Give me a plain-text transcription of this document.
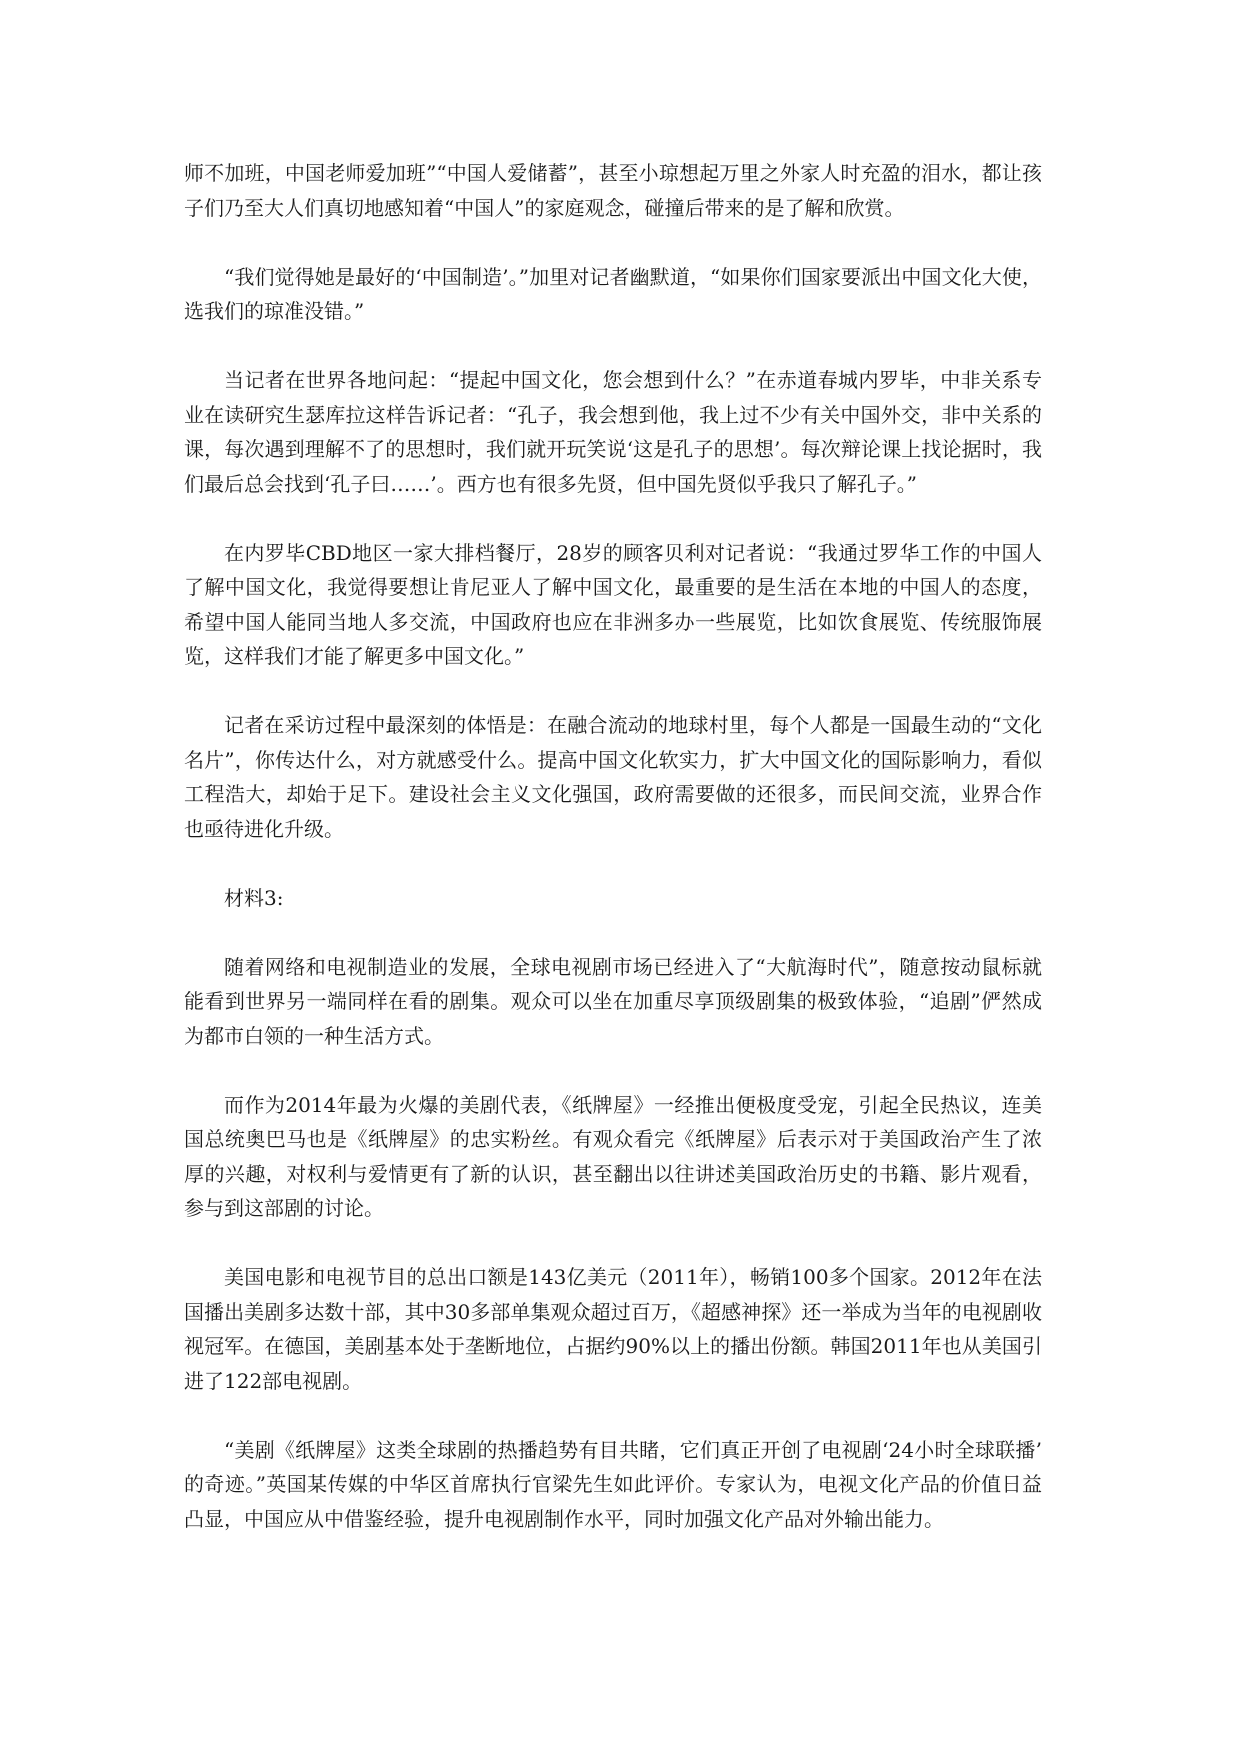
师不加班，中国老师爱加班”“中国人爱储蓄”，甚至小琼想起万里之外家人时充盈的泪水，都让孩子们乃至大人们真切地感知着“中国人”的家庭观念，碰撞后带来的是了解和欣赏。

“我们觉得她是最好的‘中国制造’。”加里对记者幽默道，“如果你们国家要派出中国文化大使，选我们的琼准没错。”

当记者在世界各地问起：“提起中国文化，您会想到什么？”在赤道春城内罗毕，中非关系专业在读研究生瑟库拉这样告诉记者：“孔子，我会想到他，我上过不少有关中国外交，非中关系的课，每次遇到理解不了的思想时，我们就开玩笑说‘这是孔子的思想’。每次辩论课上找论据时，我们最后总会找到‘孔子曰……’。西方也有很多先贤，但中国先贤似乎我只了解孔子。”

在内罗毕CBD地区一家大排档餐厅，28岁的顾客贝利对记者说：“我通过罗华工作的中国人了解中国文化，我觉得要想让肯尼亚人了解中国文化，最重要的是生活在本地的中国人的态度，希望中国人能同当地人多交流，中国政府也应在非洲多办一些展览，比如饮食展览、传统服饰展览，这样我们才能了解更多中国文化。”

记者在采访过程中最深刻的体悟是：在融合流动的地球村里，每个人都是一国最生动的“文化名片”，你传达什么，对方就感受什么。提高中国文化软实力，扩大中国文化的国际影响力，看似工程浩大，却始于足下。建设社会主义文化强国，政府需要做的还很多，而民间交流，业界合作也亟待进化升级。

材料3:

随着网络和电视制造业的发展，全球电视剧市场已经进入了“大航海时代”，随意按动鼠标就能看到世界另一端同样在看的剧集。观众可以坐在加重尽享顶级剧集的极致体验，“追剧”俨然成为都市白领的一种生活方式。

而作为2014年最为火爆的美剧代表，《纸牌屋》一经推出便极度受宠，引起全民热议，连美国总统奥巴马也是《纸牌屋》的忠实粉丝。有观众看完《纸牌屋》后表示对于美国政治产生了浓厚的兴趣，对权利与爱情更有了新的认识，甚至翻出以往讲述美国政治历史的书籍、影片观看，参与到这部剧的讨论。

美国电影和电视节目的总出口额是143亿美元（2011年），畅销100多个国家。2012年在法国播出美剧多达数十部，其中30多部单集观众超过百万，《超感神探》还一举成为当年的电视剧收视冠军。在德国，美剧基本处于垄断地位，占据约90%以上的播出份额。韩国2011年也从美国引进了122部电视剧。

“美剧《纸牌屋》这类全球剧的热播趋势有目共睹，它们真正开创了电视剧‘24小时全球联播’的奇迹。”英国某传媒的中华区首席执行官梁先生如此评价。专家认为，电视文化产品的价值日益凸显，中国应从中借鉴经验，提升电视剧制作水平，同时加强文化产品对外输出能力。
